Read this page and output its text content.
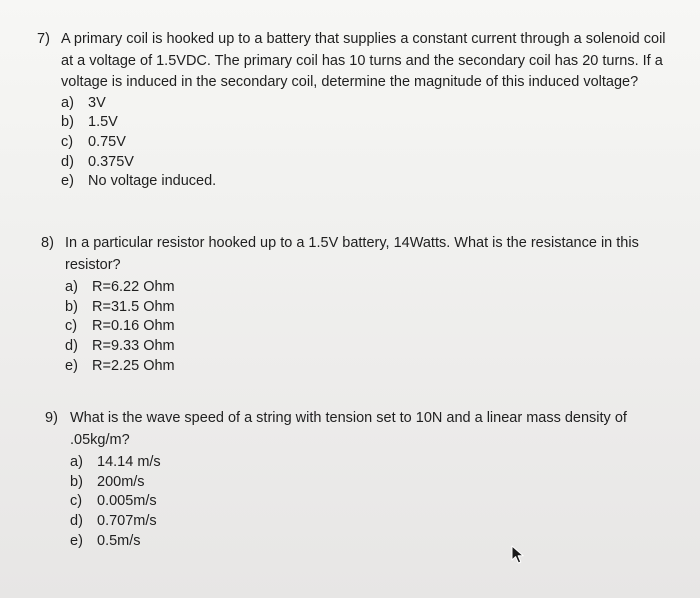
7) A primary coil is hooked up to a battery that supplies a constant current through a solenoid coil at a voltage of 1.5VDC. The primary coil has 10 turns and the secondary coil has 20 turns. If a voltage is induced in the secondary coil, determine the magnitude of this induced voltage?
a) 3V
b) 1.5V
c)	0.75V
d) 0.375V
e) No voltage induced.
8) In a particular resistor hooked up to a 1.5V battery, 14Watts. What is the resistance in this resistor?
a) R=6.22 Ohm
b) R=31.5 Ohm
c)	R=0.16 Ohm
d) R=9.33 Ohm
e) R=2.25 Ohm
9) What is the wave speed of a string with tension set to 10N and a linear mass density of .05kg/m?
a) 14.14 m/s
b) 200m/s
c)	0.005m/s
d) 0.707m/s
e) 0.5m/s
